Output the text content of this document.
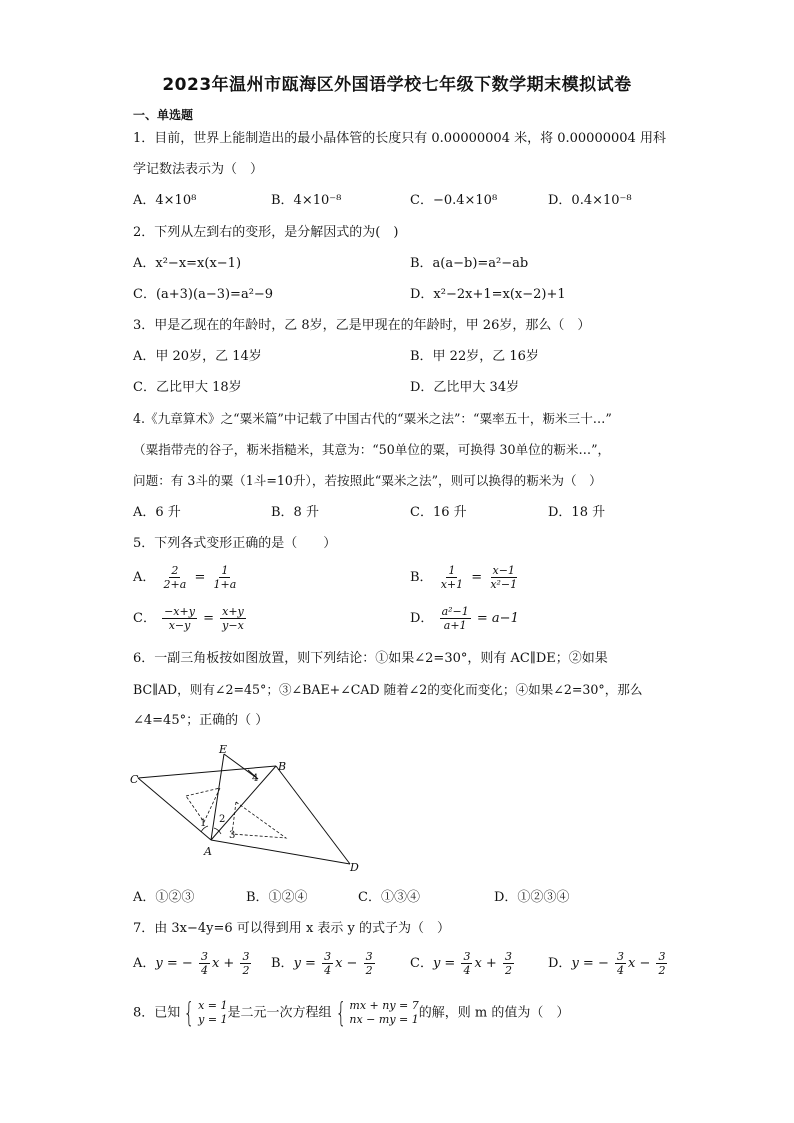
2023年温州市瓯海区外国语学校七年级下数学期末模拟试卷
一、单选题
1．目前，世界上能制造出的最小晶体管的长度只有 0.00000004 米，将 0.00000004 用科
学记数法表示为（　）
A．4×10⁸	B．4×10⁻⁸	C．−0.4×10⁸	D．0.4×10⁻⁸
2．下列从左到右的变形，是分解因式的为(　)
A．x²−x=x(x−1)	B．a(a−b)=a²−ab
C．(a+3)(a−3)=a²−9	D．x²−2x+1=x(x−2)+1
3．甲是乙现在的年龄时，乙 8岁，乙是甲现在的年龄时，甲 26岁，那么（　）
A．甲 20岁，乙 14岁	B．甲 22岁，乙 16岁
C．乙比甲大 18岁	D．乙比甲大 34岁
4.《九章算术》之“粟米篇”中记载了中国古代的“粟米之法”：“粟率五十，粝米三十…”
（粟指带壳的谷子，粝米指糙米，其意为：“50单位的粟，可换得 30单位的粝米…”，
问题：有 3斗的粟（1斗=10升），若按照此“粟米之法”，则可以换得的粝米为（　）
A．6 升	B．8 升	C．16 升	D．18 升
5．下列各式变形正确的是（　　）
A． $\frac{2}{2+a} = \frac{1}{1+a}$	B． $\frac{1}{x+1} = \frac{x-1}{\text{x²−1}}$
C． $\frac{-x+y}{x-y} = \frac{x+y}{y-x}$	D． $\frac{\text{a²−1}}{a+1} = a-1$
6．一副三角板按如图放置，则下列结论：①如果∠2=30°，则有 AC∥DE；②如果
BC∥AD，则有∠2=45°；③∠BAE+∠CAD 随着∠2的变化而变化；④如果∠2=30°，那么
∠4=45°；正确的（ ）
E
B
C
A
D
1 2
3
4
A．①②③	B．①②④	C．①③④	D．①②③④
7．由 3x−4y=6 可以得到用 x 表示 y 的式子为（　）
A．y = − $\frac{3}{4}$ $x + \frac{3}{2}$ B．$y = \frac{3}{4}$ $x - \frac{3}{2}$	C．$y = \frac{3}{4}$ $x + \frac{3}{2}$	D．y = − $\frac{3}{4}$ $x - \frac{3}{2}$
8．已知 { x = 1
y = 1 是二元一次方程组 { mx + ny = 7
nx − my = 1 的解，则 m 的值为（　）
